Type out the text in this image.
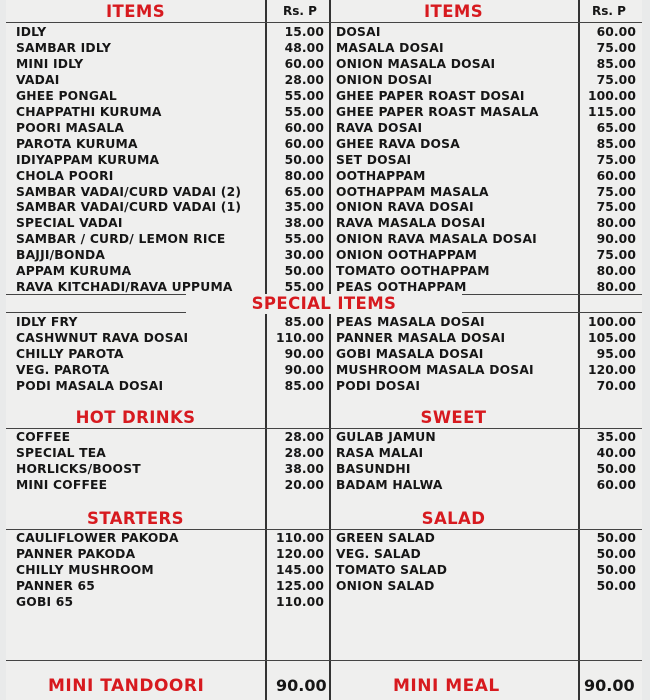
ITEMS	Rs. P	ITEMS	Rs. P
SPECIAL ITEMS
HOT DRINKS	SWEET
STARTERS	SALAD
IDLY	15.00
SAMBAR IDLY	48.00
MINI IDLY	60.00
VADAI	28.00
GHEE PONGAL	55.00
CHAPPATHI KURUMA	55.00
POORI MASALA	60.00
PAROTA KURUMA	60.00
IDIYAPPAM KURUMA	50.00
CHOLA POORI	80.00
SAMBAR VADAI/CURD VADAI (2)	65.00
SAMBAR VADAI/CURD VADAI (1)	35.00
SPECIAL VADAI	38.00
SAMBAR / CURD/ LEMON RICE	55.00
BAJJI/BONDA	30.00
APPAM KURUMA	50.00
RAVA KITCHADI/RAVA UPPUMA	55.00
DOSAI	60.00
MASALA DOSAI	75.00
ONION MASALA DOSAI	85.00
ONION DOSAI	75.00
GHEE PAPER ROAST DOSAI	100.00
GHEE PAPER ROAST MASALA	115.00
RAVA DOSAI	65.00
GHEE RAVA DOSA	85.00
SET DOSAI	75.00
OOTHAPPAM	60.00
OOTHAPPAM MASALA	75.00
ONION RAVA DOSAI	75.00
RAVA MASALA DOSAI	80.00
ONION RAVA MASALA DOSAI	90.00
ONION OOTHAPPAM	75.00
TOMATO OOTHAPPAM	80.00
PEAS OOTHAPPAM	80.00
IDLY FRY	85.00
CASHWNUT RAVA DOSAI	110.00
CHILLY PAROTA	90.00
VEG. PAROTA	90.00
PODI MASALA DOSAI	85.00
PEAS MASALA DOSAI	100.00
PANNER MASALA DOSAI	105.00
GOBI MASALA DOSAI	95.00
MUSHROOM MASALA DOSAI	120.00
PODI DOSAI	70.00
COFFEE	28.00
SPECIAL TEA	28.00
HORLICKS/BOOST	38.00
MINI COFFEE	20.00
GULAB JAMUN	35.00
RASA MALAI	40.00
BASUNDHI	50.00
BADAM HALWA	60.00
CAULIFLOWER PAKODA	110.00
PANNER PAKODA	120.00
CHILLY MUSHROOM	145.00
PANNER 65	125.00
GOBI 65	110.00
GREEN SALAD	50.00
VEG. SALAD	50.00
TOMATO SALAD	50.00
ONION SALAD	50.00
MINI TANDOORI	90.00	MINI MEAL	90.00
